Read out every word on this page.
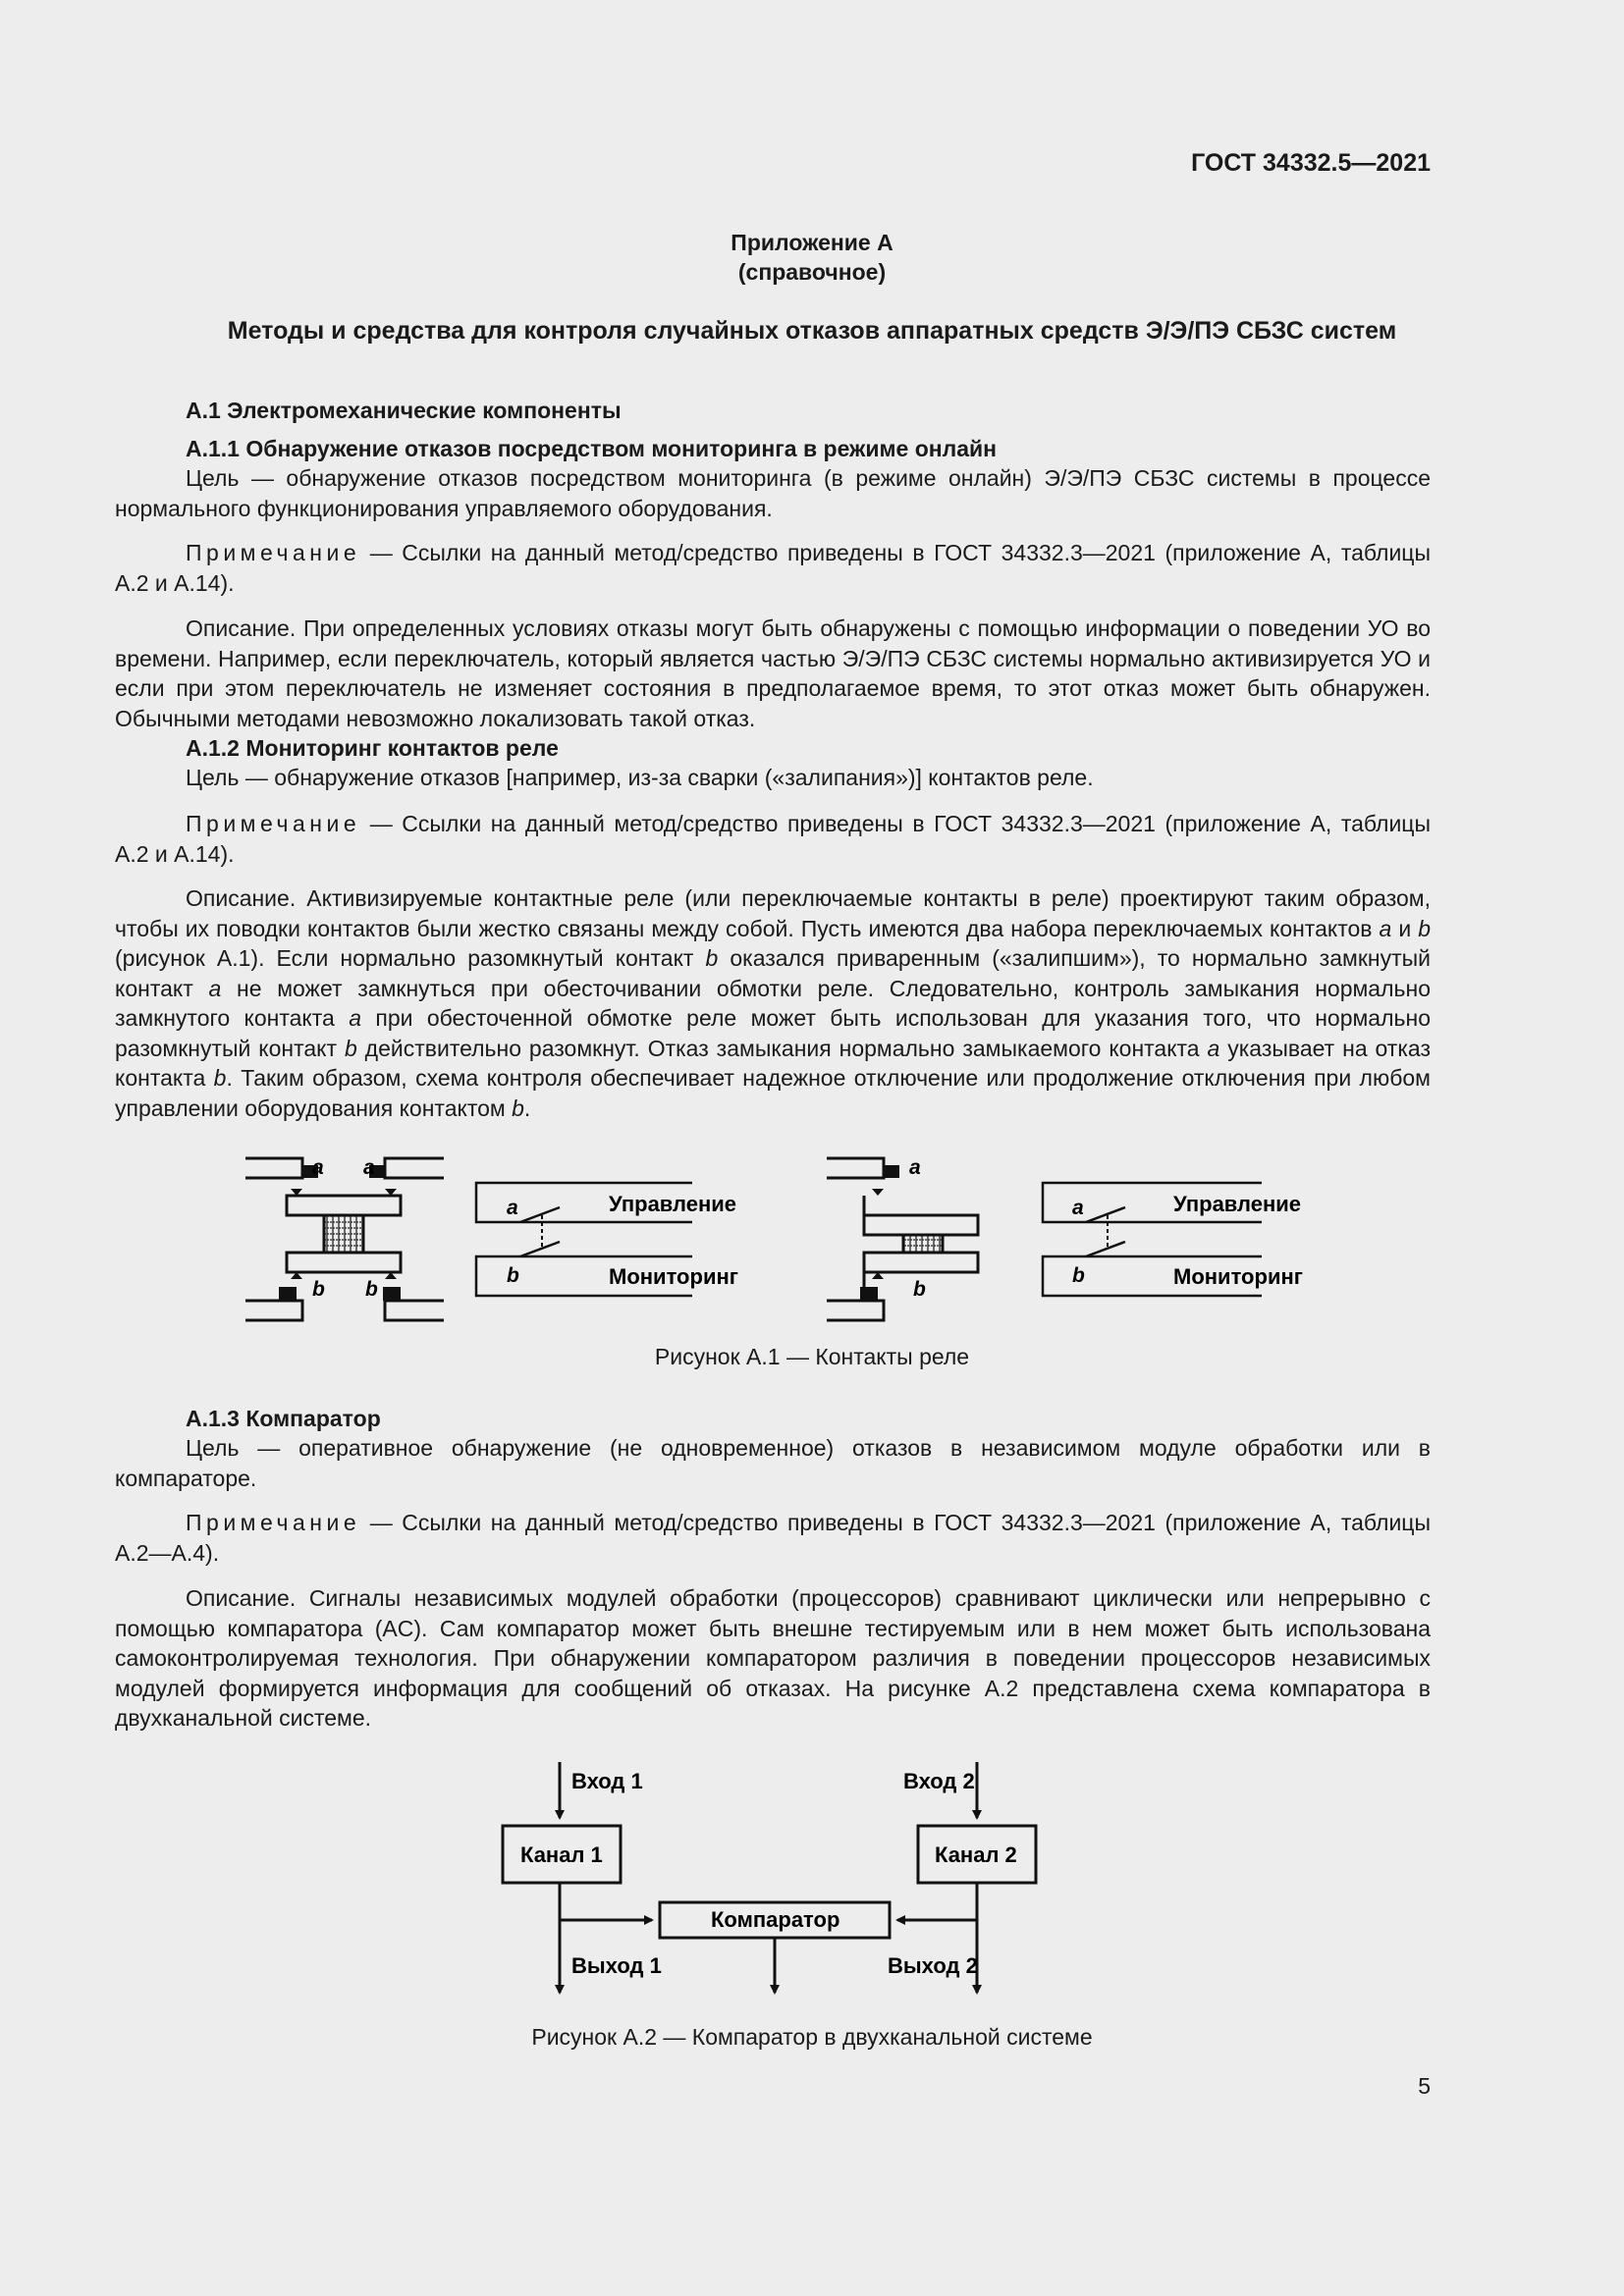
ГОСТ 34332.5—2021
Приложение А
(справочное)
Методы и средства для контроля случайных отказов аппаратных средств Э/Э/ПЭ СБЗС систем
А.1 Электромеханические компоненты
А.1.1 Обнаружение отказов посредством мониторинга в режиме онлайн

Цель — обнаружение отказов посредством мониторинга (в режиме онлайн) Э/Э/ПЭ СБЗС системы в процессе нормального функционирования управляемого оборудования.

Примечание — Ссылки на данный метод/средство приведены в ГОСТ 34332.3—2021 (приложение А, таблицы А.2 и А.14).

Описание. При определенных условиях отказы могут быть обнаружены с помощью информации о поведении УО во времени. Например, если переключатель, который является частью Э/Э/ПЭ СБЗС системы нормально активизируется УО и если при этом переключатель не изменяет состояния в предполагаемое время, то этот отказ может быть обнаружен. Обычными методами невозможно локализовать такой отказ.

А.1.2 Мониторинг контактов реле

Цель — обнаружение отказов [например, из-за сварки («залипания»)] контактов реле.

Примечание — Ссылки на данный метод/средство приведены в ГОСТ 34332.3—2021 (приложение А, таблицы А.2 и А.14).

Описание. Активизируемые контактные реле (или переключаемые контакты в реле) проектируют таким образом, чтобы их поводки контактов были жестко связаны между собой. Пусть имеются два набора переключаемых контактов a и b (рисунок А.1). Если нормально разомкнутый контакт b оказался приваренным («залипшим»), то нормально замкнутый контакт a не может замкнуться при обесточивании обмотки реле. Следовательно, контроль замыкания нормально замкнутого контакта a при обесточенной обмотке реле может быть использован для указания того, что нормально разомкнутый контакт b действительно разомкнут. Отказ замыкания нормально замыкаемого контакта a указывает на отказ контакта b. Таким образом, схема контроля обеспечивает надежное отключение или продолжение отключения при любом управлении оборудования контактом b.

a a
b b
a
b
Управление
Мониторинг
a
b
a
b
Управление
Мониторинг
Рисунок А.1 — Контакты реле
А.1.3 Компаратор

Цель — оперативное обнаружение (не одновременное) отказов в независимом модуле обработки или в компараторе.

Примечание — Ссылки на данный метод/средство приведены в ГОСТ 34332.3—2021 (приложение А, таблицы А.2—А.4).

Описание. Сигналы независимых модулей обработки (процессоров) сравнивают циклически или непрерывно с помощью компаратора (AC). Сам компаратор может быть внешне тестируемым или в нем может быть использована самоконтролируемая технология. При обнаружении компаратором различия в поведении процессоров независимых модулей формируется информация для сообщений об отказах. На рисунке А.2 представлена схема компаратора в двухканальной системе.

Вход 1	Вход 2
Канал 1	Канал 2
Компаратор
Выход 1	Выход 2
Рисунок А.2 — Компаратор в двухканальной системе
5
